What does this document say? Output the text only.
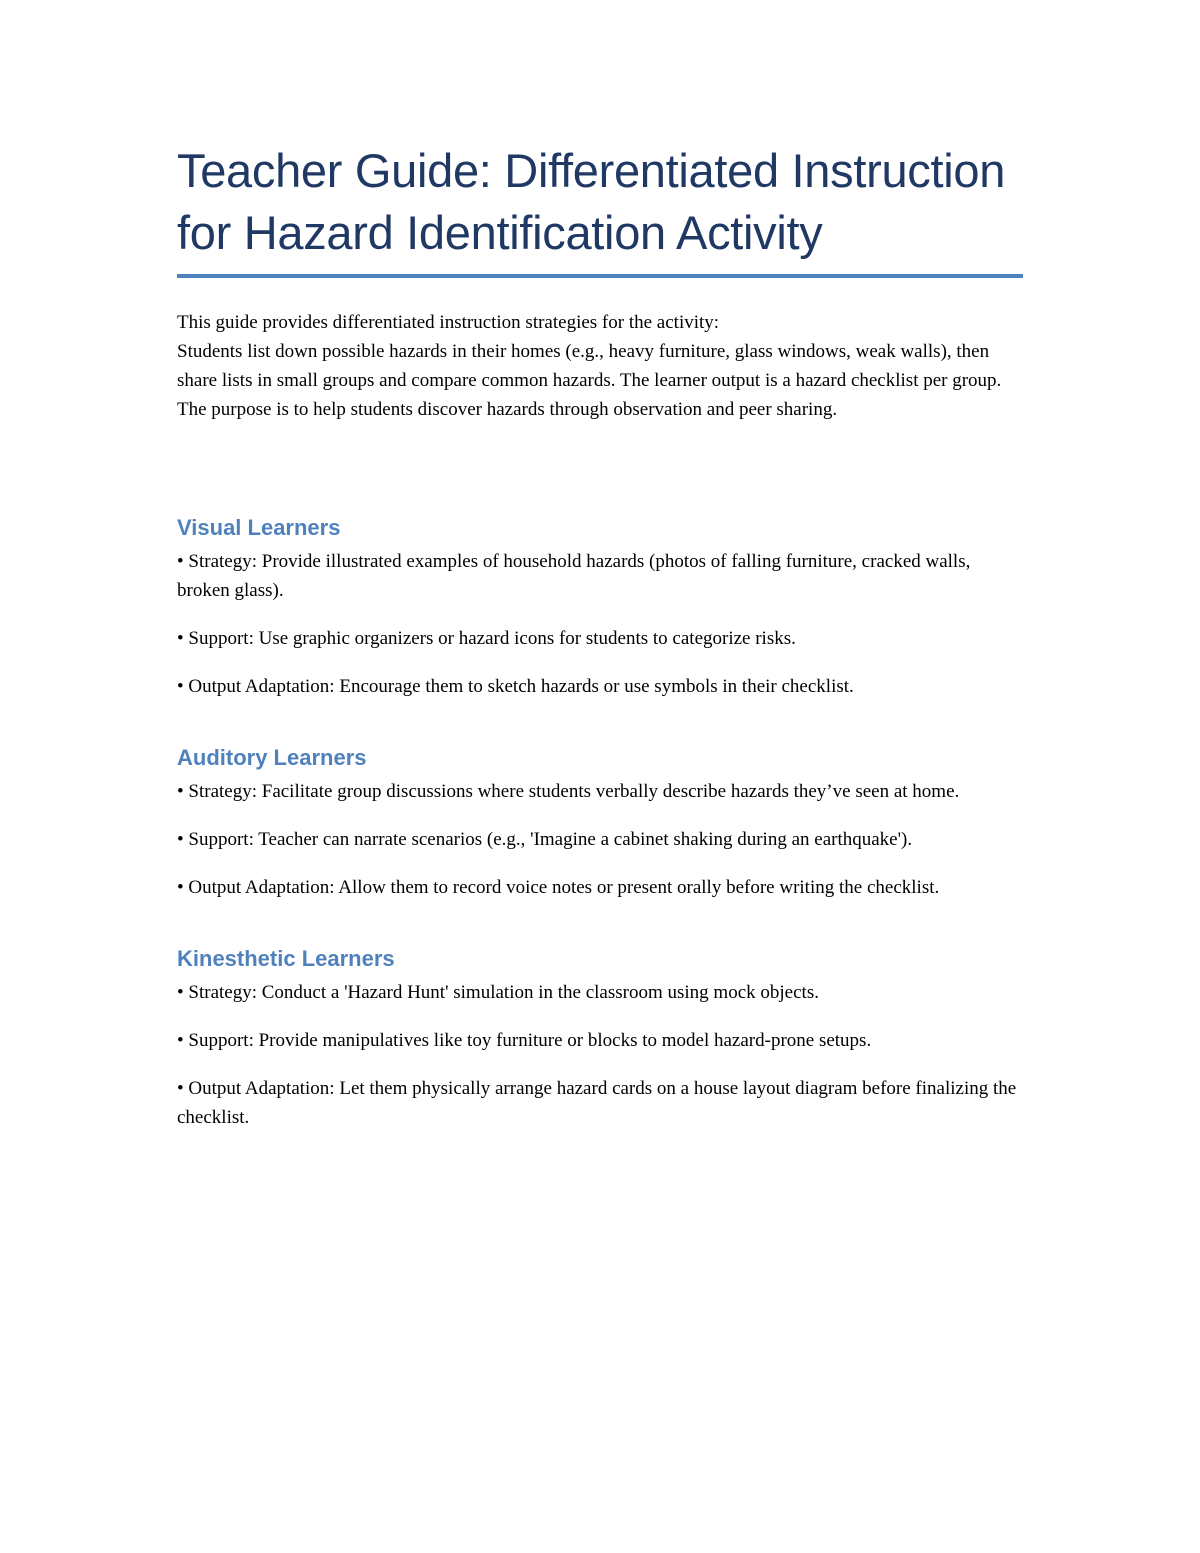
Teacher Guide: Differentiated Instruction for Hazard Identification Activity

This guide provides differentiated instruction strategies for the activity:
Students list down possible hazards in their homes (e.g., heavy furniture, glass windows, weak walls), then share lists in small groups and compare common hazards. The learner output is a hazard checklist per group. The purpose is to help students discover hazards through observation and peer sharing.

Visual Learners

• Strategy: Provide illustrated examples of household hazards (photos of falling furniture, cracked walls, broken glass).

• Support: Use graphic organizers or hazard icons for students to categorize risks.

• Output Adaptation: Encourage them to sketch hazards or use symbols in their checklist.

Auditory Learners

• Strategy: Facilitate group discussions where students verbally describe hazards they’ve seen at home.

• Support: Teacher can narrate scenarios (e.g., 'Imagine a cabinet shaking during an earthquake').

• Output Adaptation: Allow them to record voice notes or present orally before writing the checklist.

Kinesthetic Learners

• Strategy: Conduct a 'Hazard Hunt' simulation in the classroom using mock objects.

• Support: Provide manipulatives like toy furniture or blocks to model hazard-prone setups.

• Output Adaptation: Let them physically arrange hazard cards on a house layout diagram before finalizing the checklist.
